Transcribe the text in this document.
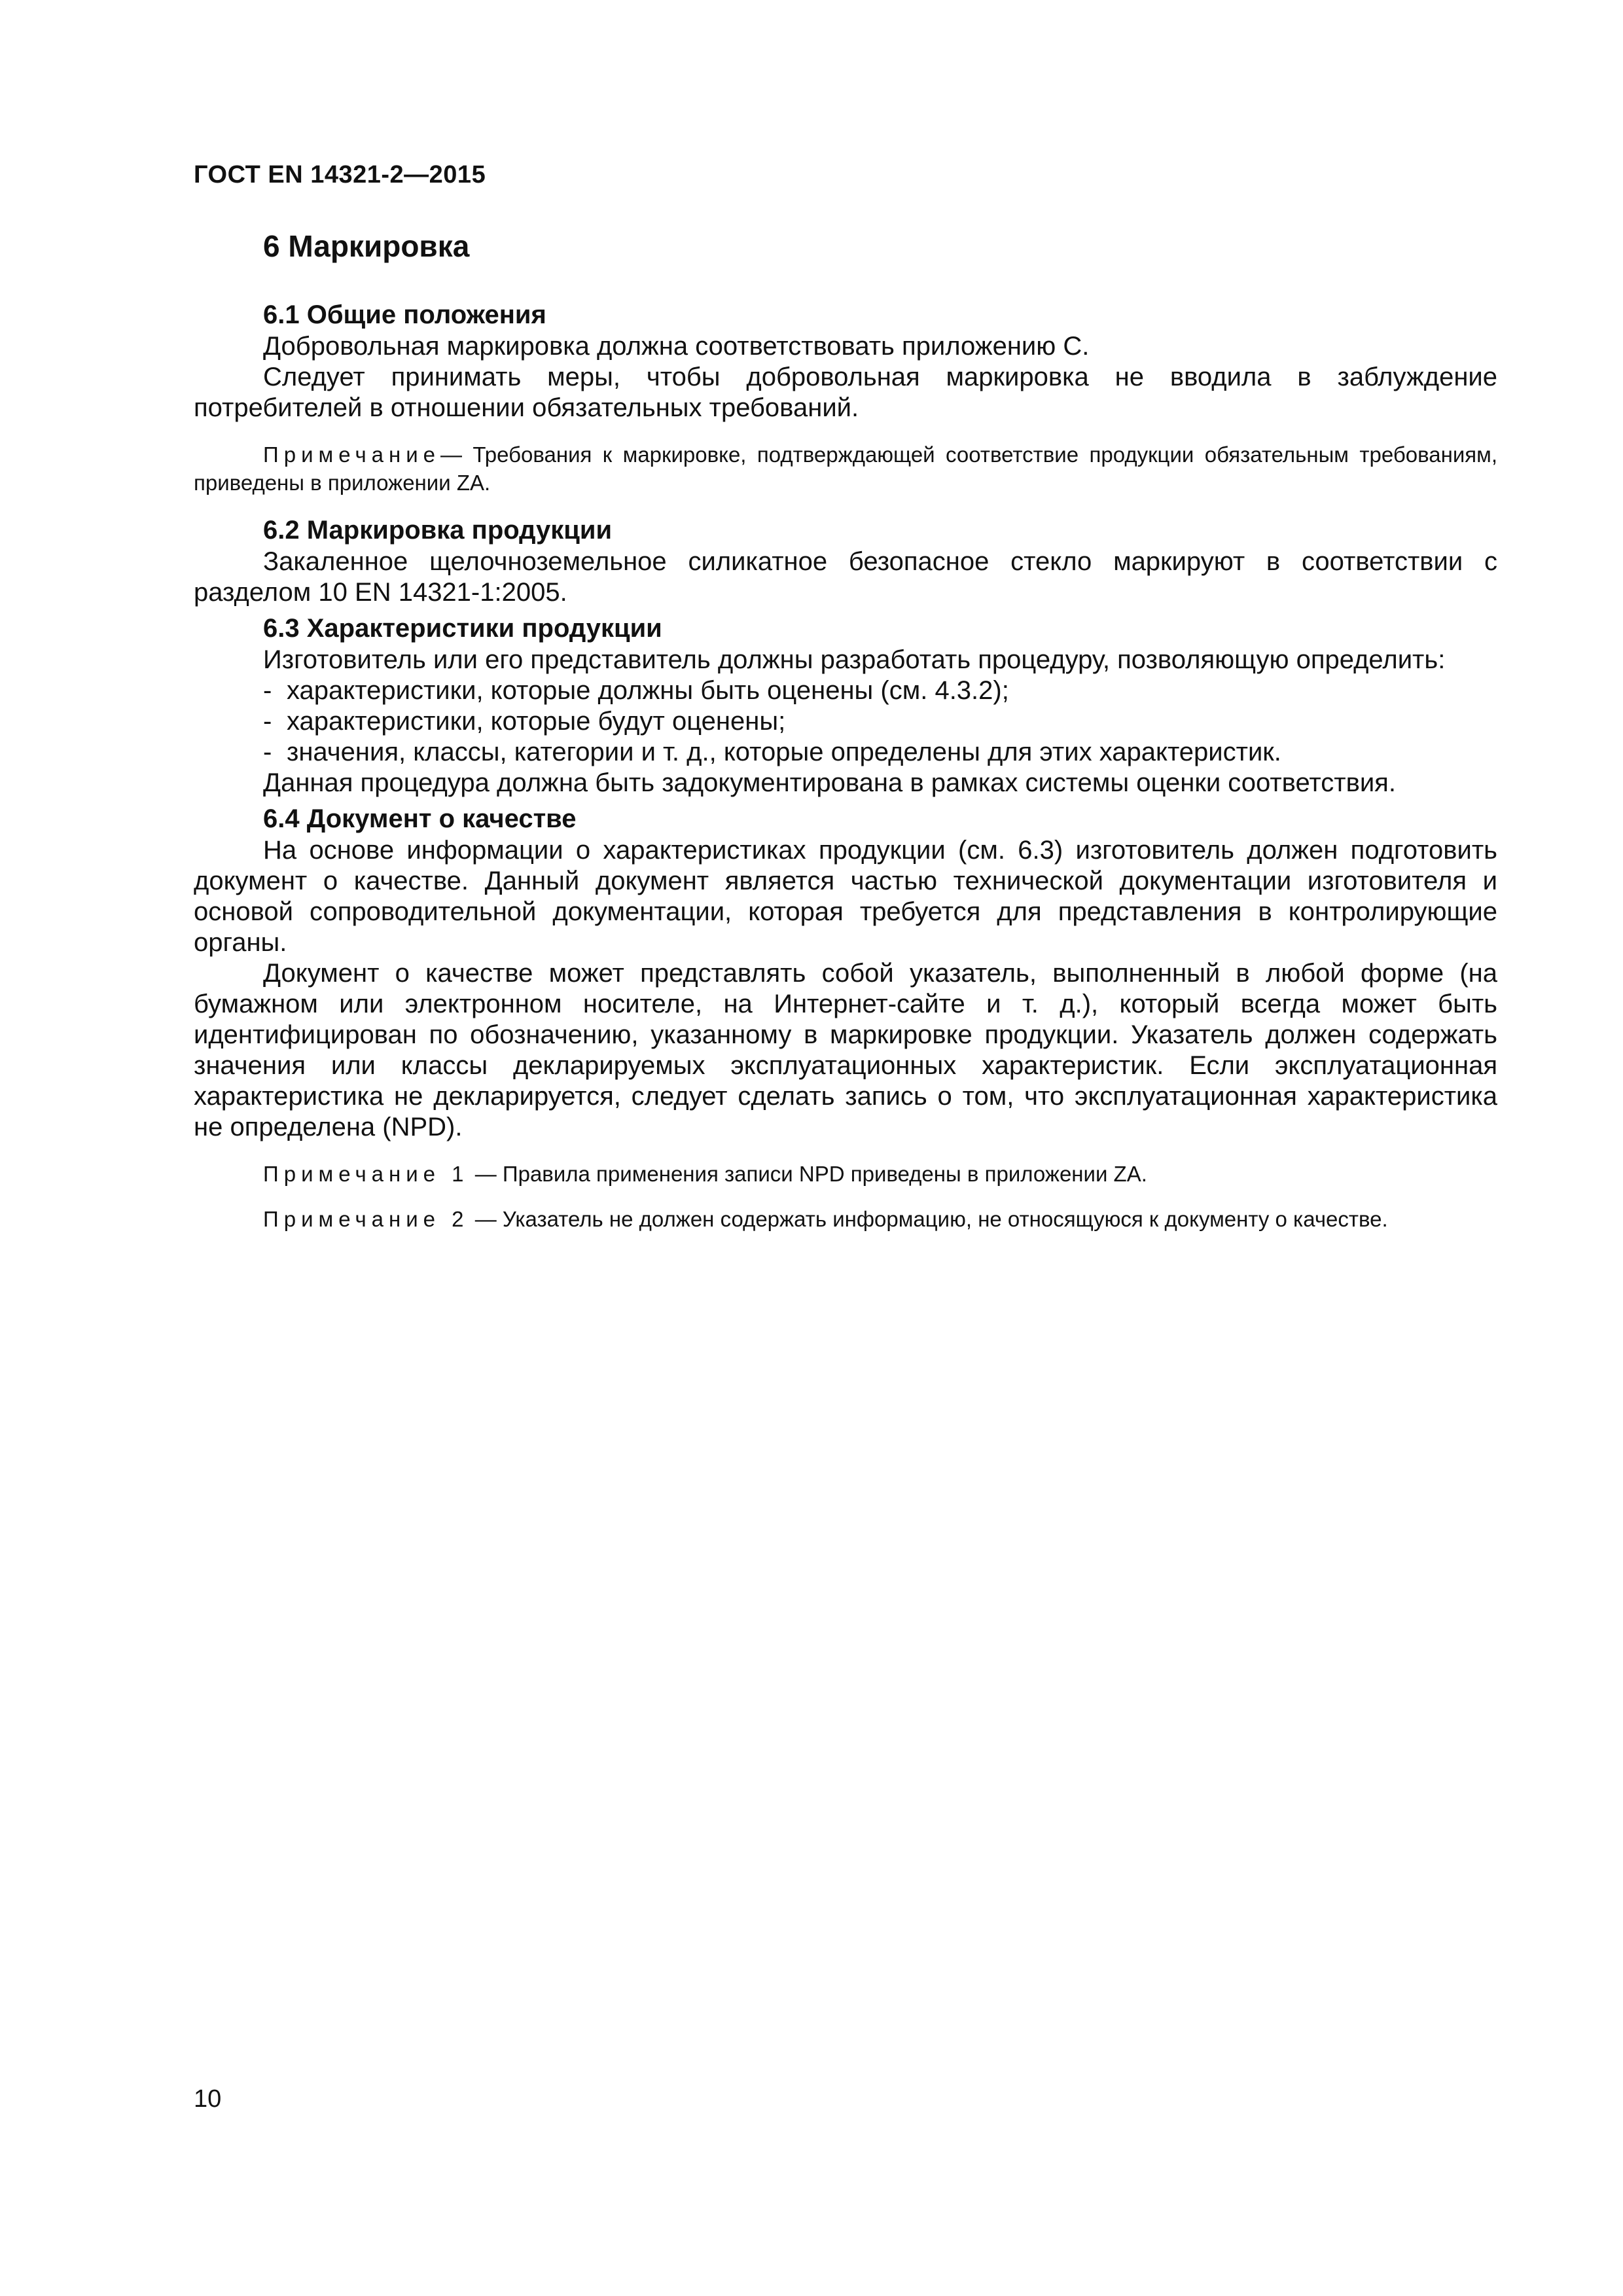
ГОСТ EN 14321-2—2015
6 Маркировка
6.1 Общие положения

Добровольная маркировка должна соответствовать приложению С.

Следует принимать меры, чтобы добровольная маркировка не вводила в заблуждение потребителей в отношении обязательных требований.

Примечание— Требования к маркировке, подтверждающей соответствие продукции обязательным требованиям, приведены в приложении ZA.

6.2 Маркировка продукции

Закаленное щелочноземельное силикатное безопасное стекло маркируют в соответствии с разделом 10 EN 14321-1:2005.

6.3 Характеристики продукции

Изготовитель или его представитель должны разработать процедуру, позволяющую определить:

- характеристики, которые должны быть оценены (см. 4.3.2);
- характеристики, которые будут оценены;
- значения, классы, категории и т. д., которые определены для этих характеристик.

Данная процедура должна быть задокументирована в рамках системы оценки соответствия.

6.4 Документ о качестве

На основе информации о характеристиках продукции (см. 6.3) изготовитель должен подготовить документ о качестве. Данный документ является частью технической документации изготовителя и основой сопроводительной документации, которая требуется для представления в контролирующие органы.

Документ о качестве может представлять собой указатель, выполненный в любой форме (на бумажном или электронном носителе, на Интернет-сайте и т. д.), который всегда может быть идентифицирован по обозначению, указанному в маркировке продукции. Указатель должен содержать значения или классы декларируемых эксплуатационных характеристик. Если эксплуатационная характеристика не декларируется, следует сделать запись о том, что эксплуатационная характеристика не определена (NPD).

Примечание 1 — Правила применения записи NPD приведены в приложении ZA.

Примечание 2 — Указатель не должен содержать информацию, не относящуюся к документу о качестве.

10
